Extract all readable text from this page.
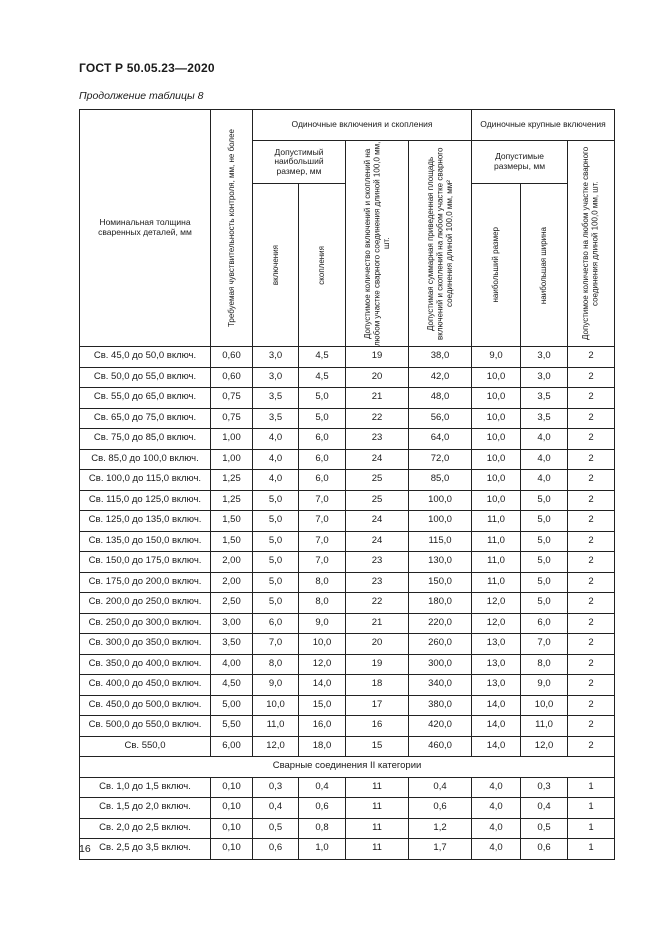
ГОСТ Р 50.05.23—2020
Продолжение таблицы 8
Номинальная толщина сваренных деталей, мм	Требуемая чувствительность контроля, мм, не более	Одиночные включения и скопления				Одиночные крупные включения		
		Допустимый наибольший размер, мм		Допустимое количество включений и скоплений на любом участке сварного соединения длиной 100,0 мм, шт.	Допустимая суммарная приведенная площадь включений и скоплений на любом участке сварного соединения длиной 100,0 мм, мм²	Допустимые размеры, мм		Допустимое количество на любом участке сварного соединения длиной 100,0 мм, шт.

		включения	скопления			наибольший размер	наибольшая ширина	

Св. 45,0 до 50,0 включ.	0,60	3,0	4,5	19	38,0	9,0	3,0	2
Св. 50,0 до 55,0 включ.	0,60	3,0	4,5	20	42,0	10,0	3,0	2
Св. 55,0 до 65,0 включ.	0,75	3,5	5,0	21	48,0	10,0	3,5	2
Св. 65,0 до 75,0 включ.	0,75	3,5	5,0	22	56,0	10,0	3,5	2
Св. 75,0 до 85,0 включ.	1,00	4,0	6,0	23	64,0	10,0	4,0	2
Св. 85,0 до 100,0 включ.	1,00	4,0	6,0	24	72,0	10,0	4,0	2
Св. 100,0 до 115,0 включ.	1,25	4,0	6,0	25	85,0	10,0	4,0	2
Св. 115,0 до 125,0 включ.	1,25	5,0	7,0	25	100,0	10,0	5,0	2
Св. 125,0 до 135,0 включ.	1,50	5,0	7,0	24	100,0	11,0	5,0	2
Св. 135,0 до 150,0 включ.	1,50	5,0	7,0	24	115,0	11,0	5,0	2
Св. 150,0 до 175,0 включ.	2,00	5,0	7,0	23	130,0	11,0	5,0	2
Св. 175,0 до 200,0 включ.	2,00	5,0	8,0	23	150,0	11,0	5,0	2
Св. 200,0 до 250,0 включ.	2,50	5,0	8,0	22	180,0	12,0	5,0	2
Св. 250,0 до 300,0 включ.	3,00	6,0	9,0	21	220,0	12,0	6,0	2
Св. 300,0 до 350,0 включ.	3,50	7,0	10,0	20	260,0	13,0	7,0	2
Св. 350,0 до 400,0 включ.	4,00	8,0	12,0	19	300,0	13,0	8,0	2
Св. 400,0 до 450,0 включ.	4,50	9,0	14,0	18	340,0	13,0	9,0	2
Св. 450,0 до 500,0 включ.	5,00	10,0	15,0	17	380,0	14,0	10,0	2
Св. 500,0 до 550,0 включ.	5,50	11,0	16,0	16	420,0	14,0	11,0	2
Св. 550,0	6,00	12,0	18,0	15	460,0	14,0	12,0	2
Сварные соединения II категории								
Св. 1,0 до 1,5 включ.	0,10	0,3	0,4	11	0,4	4,0	0,3	1
Св. 1,5 до 2,0 включ.	0,10	0,4	0,6	11	0,6	4,0	0,4	1
Св. 2,0 до 2,5 включ.	0,10	0,5	0,8	11	1,2	4,0	0,5	1
Св. 2,5 до 3,5 включ.	0,10	0,6	1,0	11	1,7	4,0	0,6	1
16
